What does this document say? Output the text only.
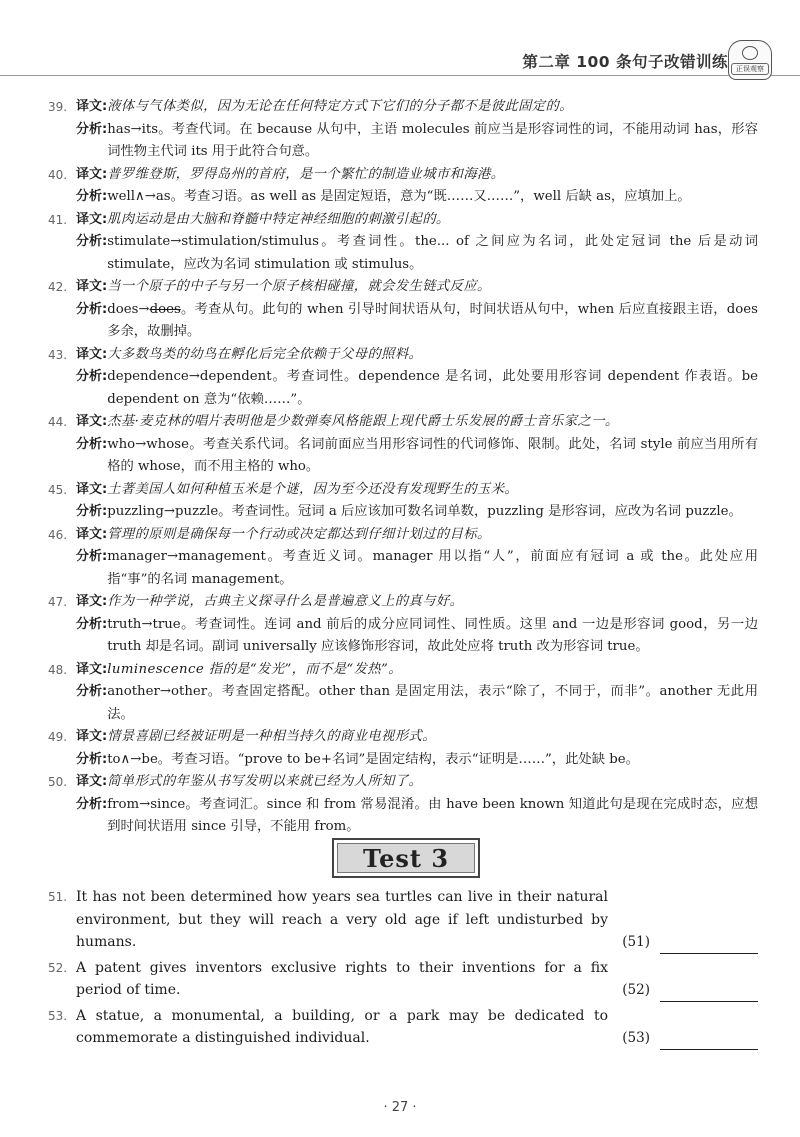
第二章 100 条句子改错训练	正误观察
39. 译文: 液体与气体类似，因为无论在任何特定方式下它们的分子都不是彼此固定的。
分析: has→its。考查代词。在 because 从句中，主语 molecules 前应当是形容词性的词，不能用动词 has，形容词性物主代词 its 用于此符合句意。
40. 译文: 普罗维登斯，罗得岛州的首府，是一个繁忙的制造业城市和海港。
分析: well∧→as。考查习语。as well as 是固定短语，意为“既……又……”，well 后缺 as，应填加上。
41. 译文: 肌肉运动是由大脑和脊髓中特定神经细胞的刺激引起的。
分析: stimulate→stimulation/stimulus。考查词性。the... of 之间应为名词，此处定冠词 the 后是动词 stimulate，应改为名词 stimulation 或 stimulus。
42. 译文: 当一个原子的中子与另一个原子核相碰撞，就会发生链式反应。
分析: does→does。考查从句。此句的 when 引导时间状语从句，时间状语从句中，when 后应直接跟主语，does 多余，故删掉。
43. 译文: 大多数鸟类的幼鸟在孵化后完全依赖于父母的照料。
分析: dependence→dependent。考查词性。dependence 是名词，此处要用形容词 dependent 作表语。be dependent on 意为“依赖……”。
44. 译文: 杰基·麦克林的唱片表明他是少数弹奏风格能跟上现代爵士乐发展的爵士音乐家之一。
分析: who→whose。考查关系代词。名词前面应当用形容词性的代词修饰、限制。此处，名词 style 前应当用所有格的 whose，而不用主格的 who。
45. 译文: 土著美国人如何种植玉米是个谜，因为至今还没有发现野生的玉米。
分析: puzzling→puzzle。考查词性。冠词 a 后应该加可数名词单数，puzzling 是形容词，应改为名词 puzzle。
46. 译文: 管理的原则是确保每一个行动或决定都达到仔细计划过的目标。
分析: manager→management。考查近义词。manager 用以指“人”，前面应有冠词 a 或 the。此处应用指“事”的名词 management。
47. 译文: 作为一种学说，古典主义探寻什么是普遍意义上的真与好。
分析: truth→true。考查词性。连词 and 前后的成分应同词性、同性质。这里 and 一边是形容词 good，另一边 truth 却是名词。副词 universally 应该修饰形容词，故此处应将 truth 改为形容词 true。
48. 译文: luminescence 指的是“发光”，而不是“发热”。
分析: another→other。考查固定搭配。other than 是固定用法，表示“除了，不同于，而非”。another 无此用法。
49. 译文: 情景喜剧已经被证明是一种相当持久的商业电视形式。
分析: to∧→be。考查习语。“prove to be+名词”是固定结构，表示“证明是……”，此处缺 be。
50. 译文: 简单形式的年鉴从书写发明以来就已经为人所知了。
分析: from→since。考查词汇。since 和 from 常易混淆。由 have been known 知道此句是现在完成时态，应想到时间状语用 since 引导，不能用 from。
Test 3
51. It has not been determined how years sea turtles can live in their natural environment, but they will reach a very old age if left undisturbed by humans.	(51)
52. A patent gives inventors exclusive rights to their inventions for a fix period of time.	(52)
53. A statue, a monumental, a building, or a park may be dedicated to commemorate a distinguished individual.	(53)
· 27 ·
